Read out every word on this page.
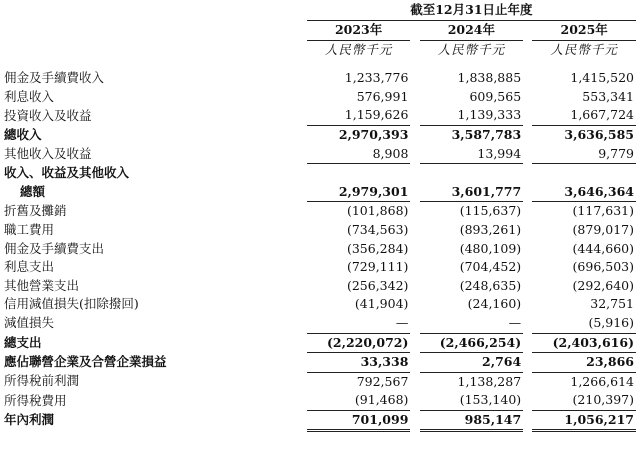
		截至12月31日止年度				
		2023年		2024年		2025年
		人民幣千元		人民幣千元		人民幣千元

佣金及手續費收入		1,233,776		1,838,885		1,415,520
利息收入		576,991		609,565		553,341
投資收入及收益		1,159,626		1,139,333		1,667,724
總收入		2,970,393		3,587,783		3,636,585
其他收入及收益		8,908		13,994		9,779
收入、收益及其他收入						
總額		2,979,301		3,601,777		3,646,364
折舊及攤銷		(101,868)		(115,637)		(117,631)
職工費用		(734,563)		(893,261)		(879,017)
佣金及手續費支出		(356,284)		(480,109)		(444,660)
利息支出		(729,111)		(704,452)		(696,503)
其他營業支出		(256,342)		(248,635)		(292,640)
信用減值損失(扣除撥回)		(41,904)		(24,160)		32,751
減值損失		—		—		(5,916)
總支出		(2,220,072)		(2,466,254)		(2,403,616)
應佔聯營企業及合營企業損益		33,338		2,764		23,866
所得稅前利潤		792,567		1,138,287		1,266,614
所得稅費用		(91,468)		(153,140)		(210,397)
年內利潤		701,099		985,147		1,056,217
